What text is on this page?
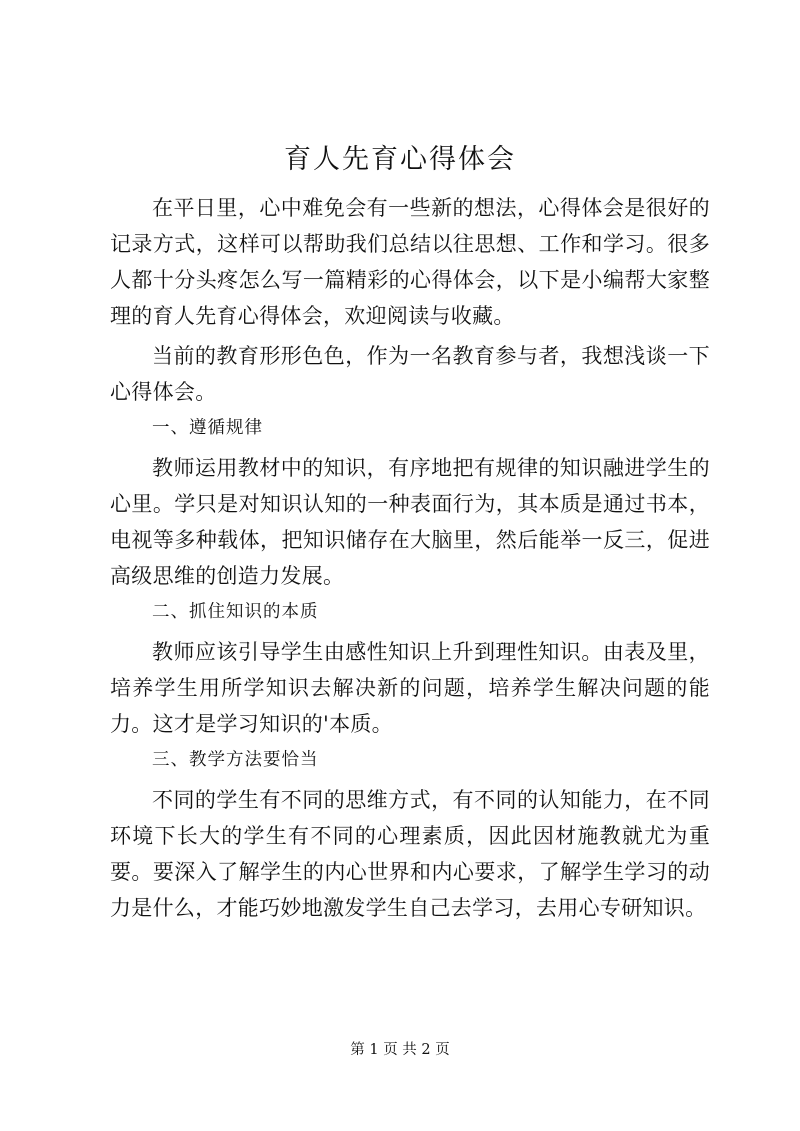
育人先育心得体会

在平日里，心中难免会有一些新的想法，心得体会是很好的记录方式，这样可以帮助我们总结以往思想、工作和学习。很多人都十分头疼怎么写一篇精彩的心得体会，以下是小编帮大家整理的育人先育心得体会，欢迎阅读与收藏。

当前的教育形形色色，作为一名教育参与者，我想浅谈一下心得体会。

一、遵循规律

教师运用教材中的知识，有序地把有规律的知识融进学生的心里。学只是对知识认知的一种表面行为，其本质是通过书本，电视等多种载体，把知识储存在大脑里，然后能举一反三，促进高级思维的创造力发展。

二、抓住知识的本质

教师应该引导学生由感性知识上升到理性知识。由表及里，培养学生用所学知识去解决新的问题，培养学生解决问题的能力。这才是学习知识的'本质。

三、教学方法要恰当

不同的学生有不同的思维方式，有不同的认知能力，在不同环境下长大的学生有不同的心理素质，因此因材施教就尤为重要。要深入了解学生的内心世界和内心要求，了解学生学习的动力是什么，才能巧妙地激发学生自己去学习，去用心专研知识。

第 1 页 共 2 页
